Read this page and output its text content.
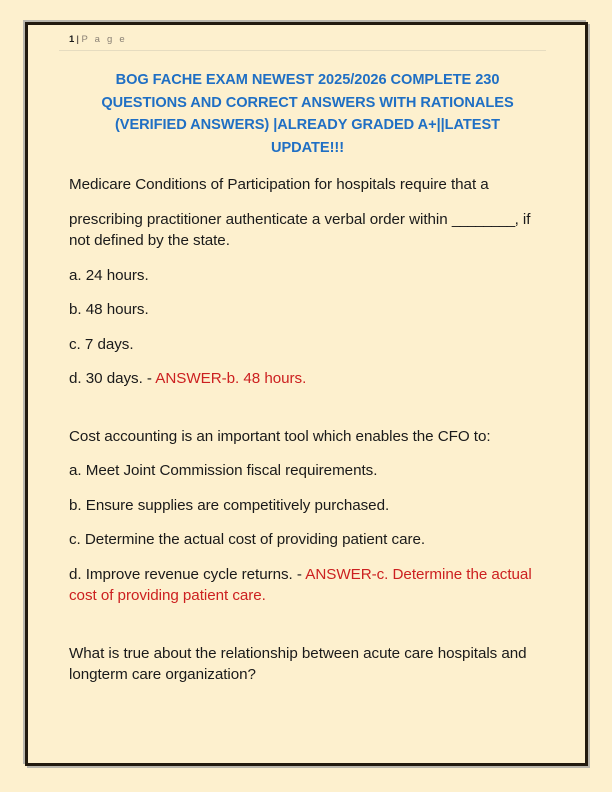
1 | P a g e
BOG FACHE EXAM NEWEST 2025/2026 COMPLETE 230 QUESTIONS AND CORRECT ANSWERS WITH RATIONALES (VERIFIED ANSWERS) |ALREADY GRADED A+||LATEST UPDATE!!!
Medicare Conditions of Participation for hospitals require that a
prescribing practitioner authenticate a verbal order within ________, if not defined by the state.
a. 24 hours.
b. 48 hours.
c. 7 days.
d. 30 days. - ANSWER-b. 48 hours.
Cost accounting is an important tool which enables the CFO to:
a. Meet Joint Commission fiscal requirements.
b. Ensure supplies are competitively purchased.
c. Determine the actual cost of providing patient care.
d. Improve revenue cycle returns. - ANSWER-c. Determine the actual cost of providing patient care.
What is true about the relationship between acute care hospitals and longterm care organization?
